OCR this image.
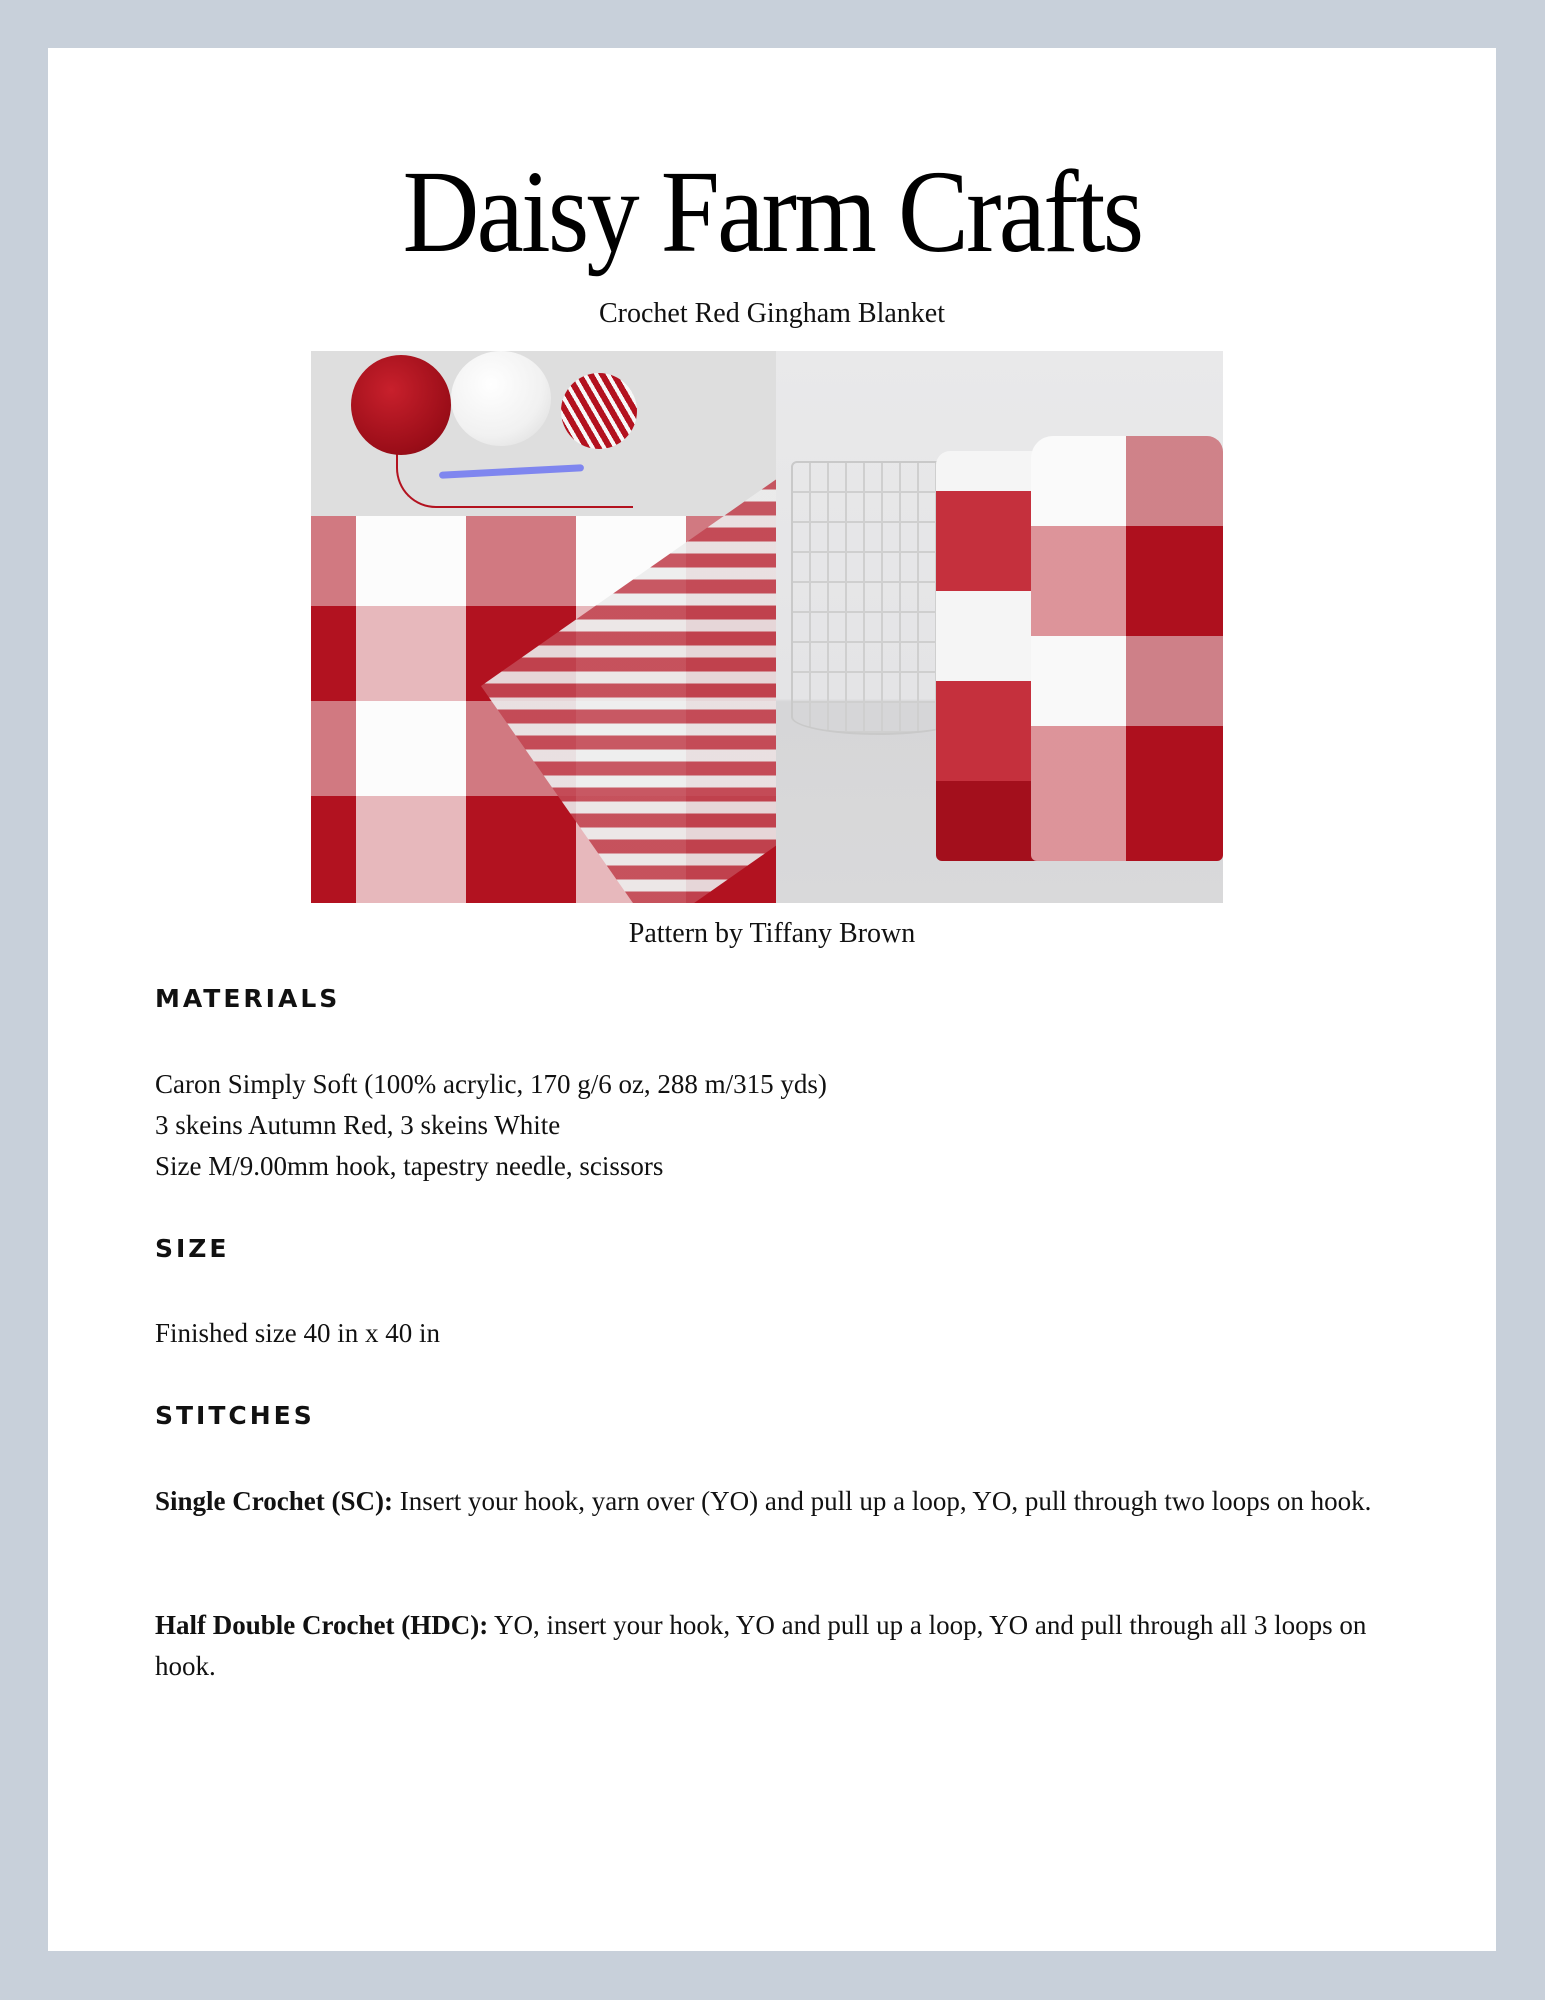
Daisy Farm Crafts
Crochet Red Gingham Blanket
Pattern by Tiffany Brown
MATERIALS
Caron Simply Soft (100% acrylic, 170 g/6 oz, 288 m/315 yds)
3 skeins Autumn Red, 3 skeins White
Size M/9.00mm hook, tapestry needle, scissors
SIZE
Finished size 40 in x 40 in
STITCHES
Single Crochet (SC): Insert your hook, yarn over (YO) and pull up a loop, YO, pull through two loops on hook.
Half Double Crochet (HDC): YO, insert your hook, YO and pull up a loop, YO and pull through all 3 loops on hook.
